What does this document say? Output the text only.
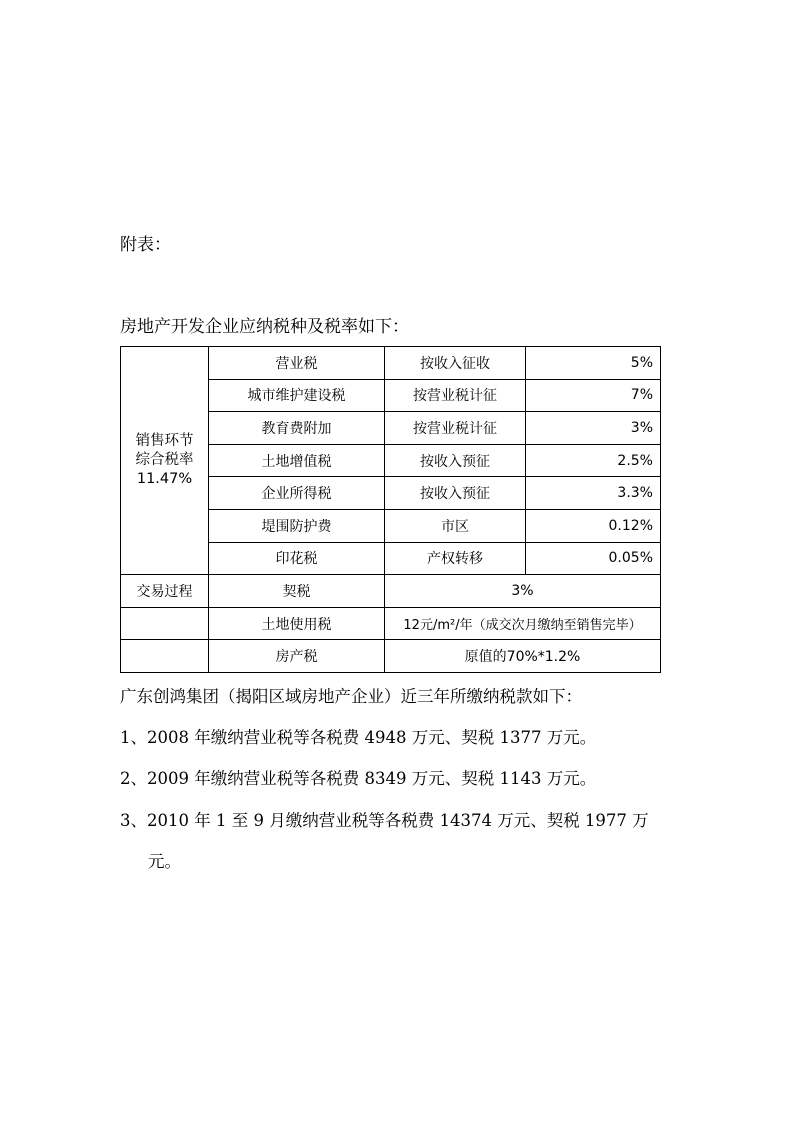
附表：

房地产开发企业应纳税种及税率如下：

销售环节
综合税率
11.47%	营业税	按收入征收	5%
	城市维护建设税	按营业税计征	7%
	教育费附加	按营业税计征	3%
	土地增值税	按收入预征	2.5%
	企业所得税	按收入预征	3.3%
	堤围防护费	市区	0.12%
	印花税	产权转移	0.05%
交易过程	契税	3%	
	土地使用税	12元/m²/年（成交次月缴纳至销售完毕）	
	房产税	原值的70%*1.2%	

广东创鸿集团（揭阳区域房地产企业）近三年所缴纳税款如下：

1、2008 年缴纳营业税等各税费 4948 万元、契税 1377 万元。

2、2009 年缴纳营业税等各税费 8349 万元、契税 1143 万元。

3、2010 年 1 至 9 月缴纳营业税等各税费 14374 万元、契税 1977 万

元。
